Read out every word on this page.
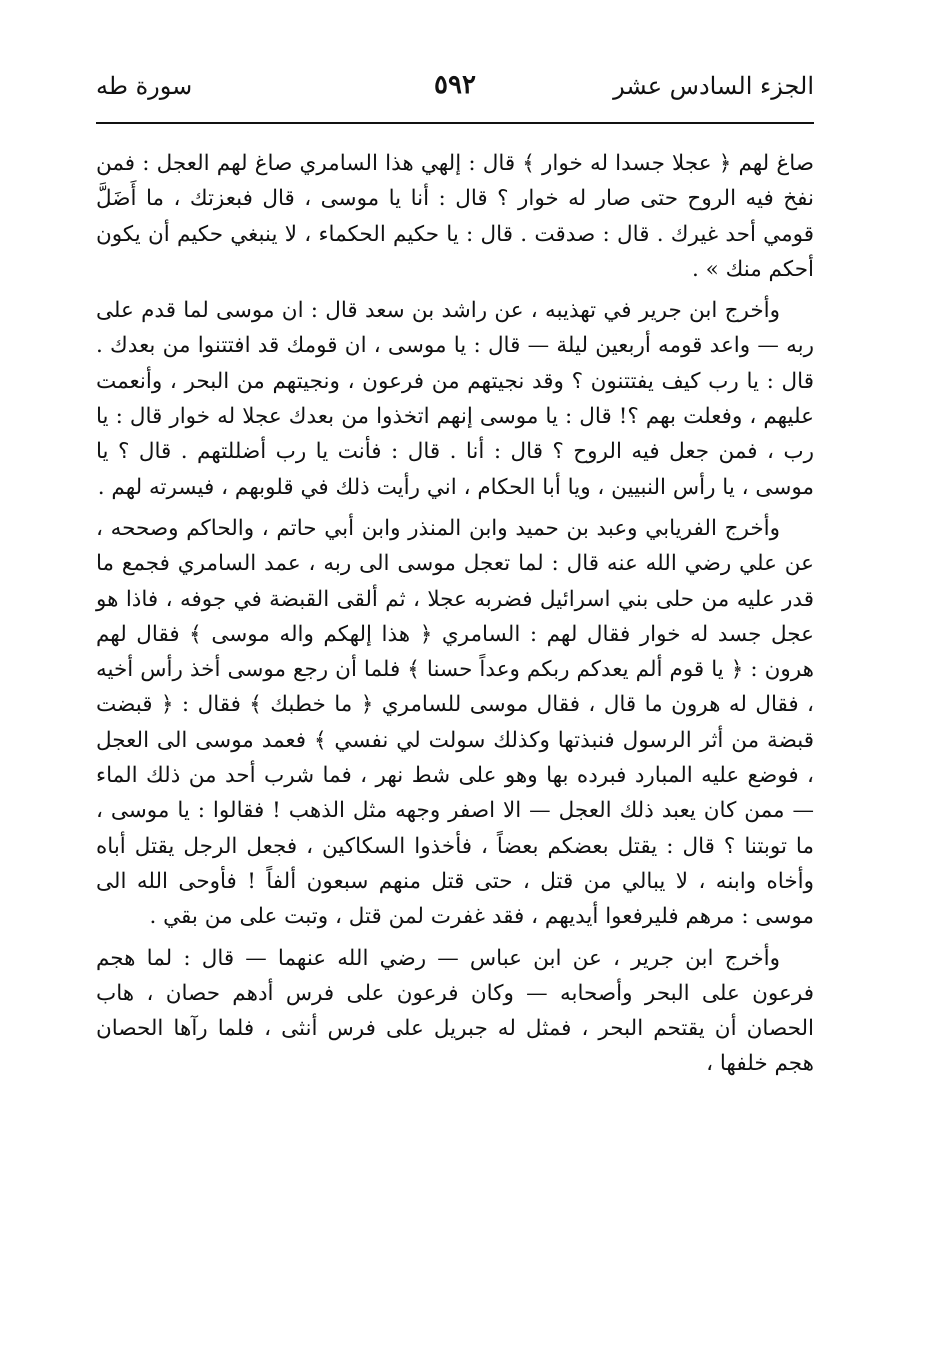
الجزء السادس عشر
٥٩٢
سورة طه

صاغ لهم ﴿ عجلا جسدا له خوار ﴾ قال : إلهي هذا السامري صاغ لهم العجل : فمن نفخ فيه الروح حتى صار له خوار ؟ قال : أنا يا موسى ، قال فبعزتك ، ما أَضَلَّ قومي أحد غيرك . قال : صدقت . قال : يا حكيم الحكماء ، لا ينبغي حكيم أن يكون أحكم منك » .

وأخرج ابن جرير في تهذيبه ، عن راشد بن سعد قال : ان موسى لما قدم على ربه — واعد قومه أربعين ليلة — قال : يا موسى ، ان قومك قد افتتنوا من بعدك . قال : يا رب كيف يفتتنون ؟ وقد نجيتهم من فرعون ، ونجيتهم من البحر ، وأنعمت عليهم ، وفعلت بهم ؟! قال : يا موسى إنهم اتخذوا من بعدك عجلا له خوار قال : يا رب ، فمن جعل فيه الروح ؟ قال : أنا . قال : فأنت يا رب أضللتهم . قال ؟ يا موسى ، يا رأس النبيين ، ويا أبا الحكام ، اني رأيت ذلك في قلوبهم ، فيسرته لهم .

وأخرج الفريابي وعبد بن حميد وابن المنذر وابن أبي حاتم ، والحاكم وصححه ، عن علي رضي الله عنه قال : لما تعجل موسى الى ربه ، عمد السامري فجمع ما قدر عليه من حلى بني اسرائيل فضربه عجلا ، ثم ألقى القبضة في جوفه ، فاذا هو عجل جسد له خوار فقال لهم : السامري ﴿ هذا إلهكم واله موسى ﴾ فقال لهم هرون : ﴿ يا قوم ألم يعدكم ربكم وعداً حسنا ﴾ فلما أن رجع موسى أخذ رأس أخيه ، فقال له هرون ما قال ، فقال موسى للسامري ﴿ ما خطبك ﴾ فقال : ﴿ قبضت قبضة من أثر الرسول فنبذتها وكذلك سولت لي نفسي ﴾ فعمد موسى الى العجل ، فوضع عليه المبارد فبرده بها وهو على شط نهر ، فما شرب أحد من ذلك الماء — ممن كان يعبد ذلك العجل — الا اصفر وجهه مثل الذهب ! فقالوا : يا موسى ، ما توبتنا ؟ قال : يقتل بعضكم بعضاً ، فأخذوا السكاكين ، فجعل الرجل يقتل أباه وأخاه وابنه ، لا يبالي من قتل ، حتى قتل منهم سبعون ألفاً ! فأوحى الله الى موسى : مرهم فليرفعوا أيديهم ، فقد غفرت لمن قتل ، وتبت على من بقي .

وأخرج ابن جرير ، عن ابن عباس — رضي الله عنهما — قال : لما هجم فرعون على البحر وأصحابه — وكان فرعون على فرس أدهم حصان ، هاب الحصان أن يقتحم البحر ، فمثل له جبريل على فرس أنثى ، فلما رآها الحصان هجم خلفها ،
